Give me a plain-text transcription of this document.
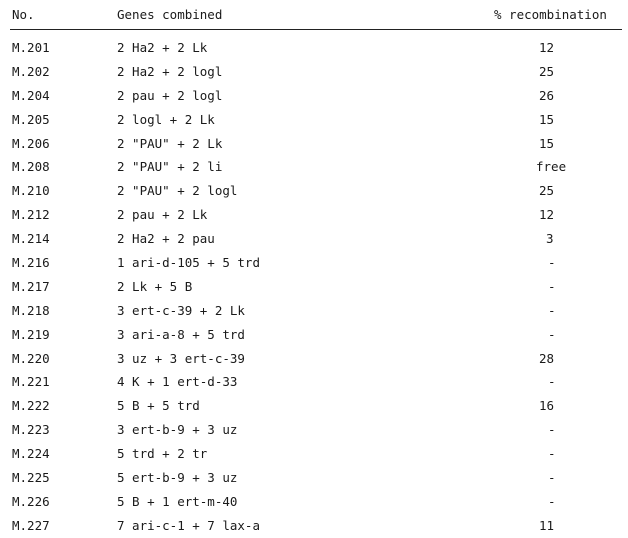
No.	Genes combined	% recombination
M.201	2 Ha2 + 2 Lk	12
M.202	2 Ha2 + 2 logl	25
M.204	2 pau + 2 logl	26
M.205	2 logl + 2 Lk	15
M.206	2 "PAU" + 2 Lk	15
M.208	2 "PAU" + 2 li	free
M.210	2 "PAU" + 2 logl	25
M.212	2 pau + 2 Lk	12
M.214	2 Ha2 + 2 pau	3
M.216	1 ari-d-105 + 5 trd	-
M.217	2 Lk + 5 B	-
M.218	3 ert-c-39 + 2 Lk	-
M.219	3 ari-a-8 + 5 trd	-
M.220	3 uz + 3 ert-c-39	28
M.221	4 K + 1 ert-d-33	-
M.222	5 B + 5 trd	16
M.223	3 ert-b-9 + 3 uz	-
M.224	5 trd + 2 tr	-
M.225	5 ert-b-9 + 3 uz	-
M.226	5 B + 1 ert-m-40	-
M.227	7 ari-c-1 + 7 lax-a	11
